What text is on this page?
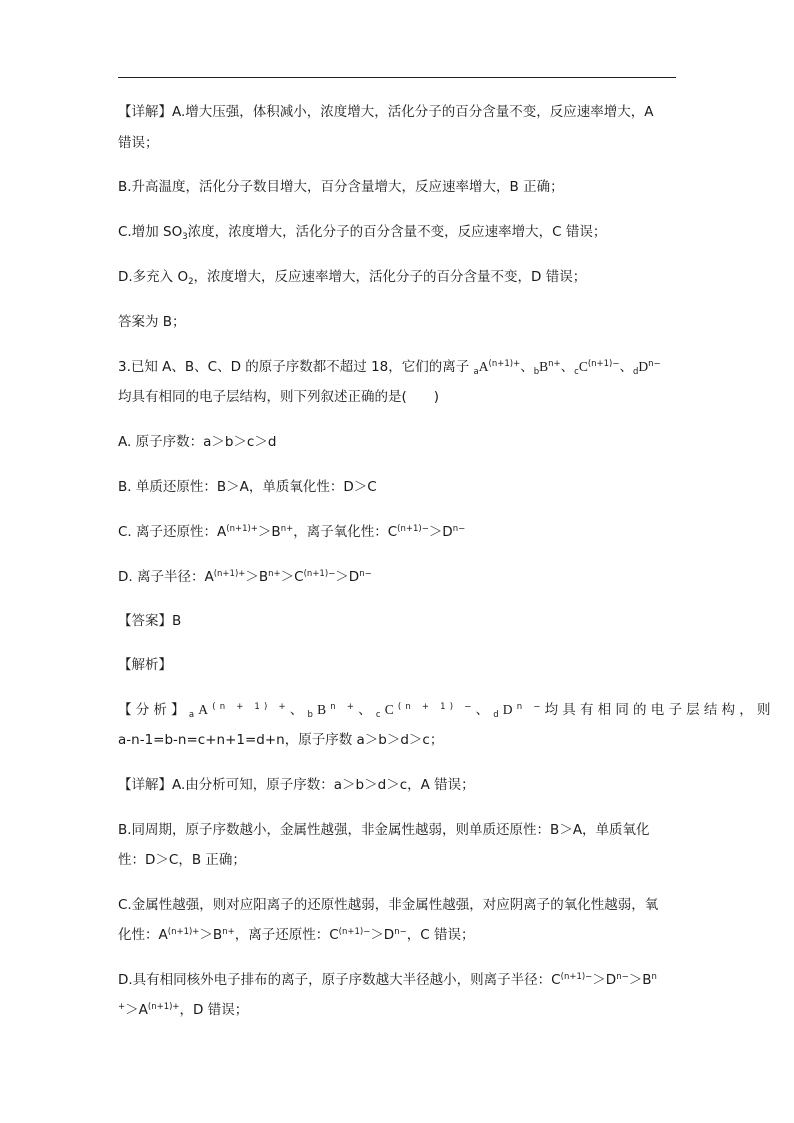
【详解】A.增大压强，体积减小，浓度增大，活化分子的百分含量不变，反应速率增大，A
错误；
B.升高温度，活化分子数目增大，百分含量增大，反应速率增大，B 正确；
C.增加 $SO_3$浓度，浓度增大，活化分子的百分含量不变，反应速率增大，C 错误；
D.多充入 $O_2$，浓度增大，反应速率增大，活化分子的百分含量不变，D 错误；
答案为 B；
3.已知 A、B、C、D 的原子序数都不超过 18，它们的离子 $_aA^{(n+1)+}$、$_bB^{n+}$、$_cC^{(n+1)-}$、$_dD^{n-}$
均具有相同的电子层结构，则下列叙述正确的是(　　)
A. 原子序数：a＞b＞c＞d
B. 单质还原性：B＞A，单质氧化性：D＞C
C. 离子还原性：$A^{(n+1)+}>B^{n+}$，离子氧化性：$C^{(n+1)-}>D^{n-}$
D. 离子半径：$A^{(n+1)+}>B^{n+}>C^{(n+1)-}>D^{n-}$
【答案】B
【解析】
【分析】$_aA^{(n + 1) +}$、$_bB^{n +}$、$_cC^{(n + 1) -}$、$_dD^{n -}$均具有相同的电子层结构，则
a-n-1=b-n=c+n+1=d+n，原子序数 a＞b＞d＞c；
【详解】A.由分析可知，原子序数：a＞b＞d＞c，A 错误；
B.同周期，原子序数越小，金属性越强，非金属性越弱，则单质还原性：B＞A，单质氧化
性：D＞C，B 正确；
C.金属性越强，则对应阳离子的还原性越弱，非金属性越强，对应阴离子的氧化性越弱，氧
化性：$A^{(n+1)+}>B^{n+}$，离子还原性：$C^{(n+1)-}>D^{n-}$，C 错误；
D.具有相同核外电子排布的离子，原子序数越大半径越小，则离子半径：$C^{(n+1)-}>D^{n-}>B^n$
$^+>A^{(n+1)+}$，D 错误；
